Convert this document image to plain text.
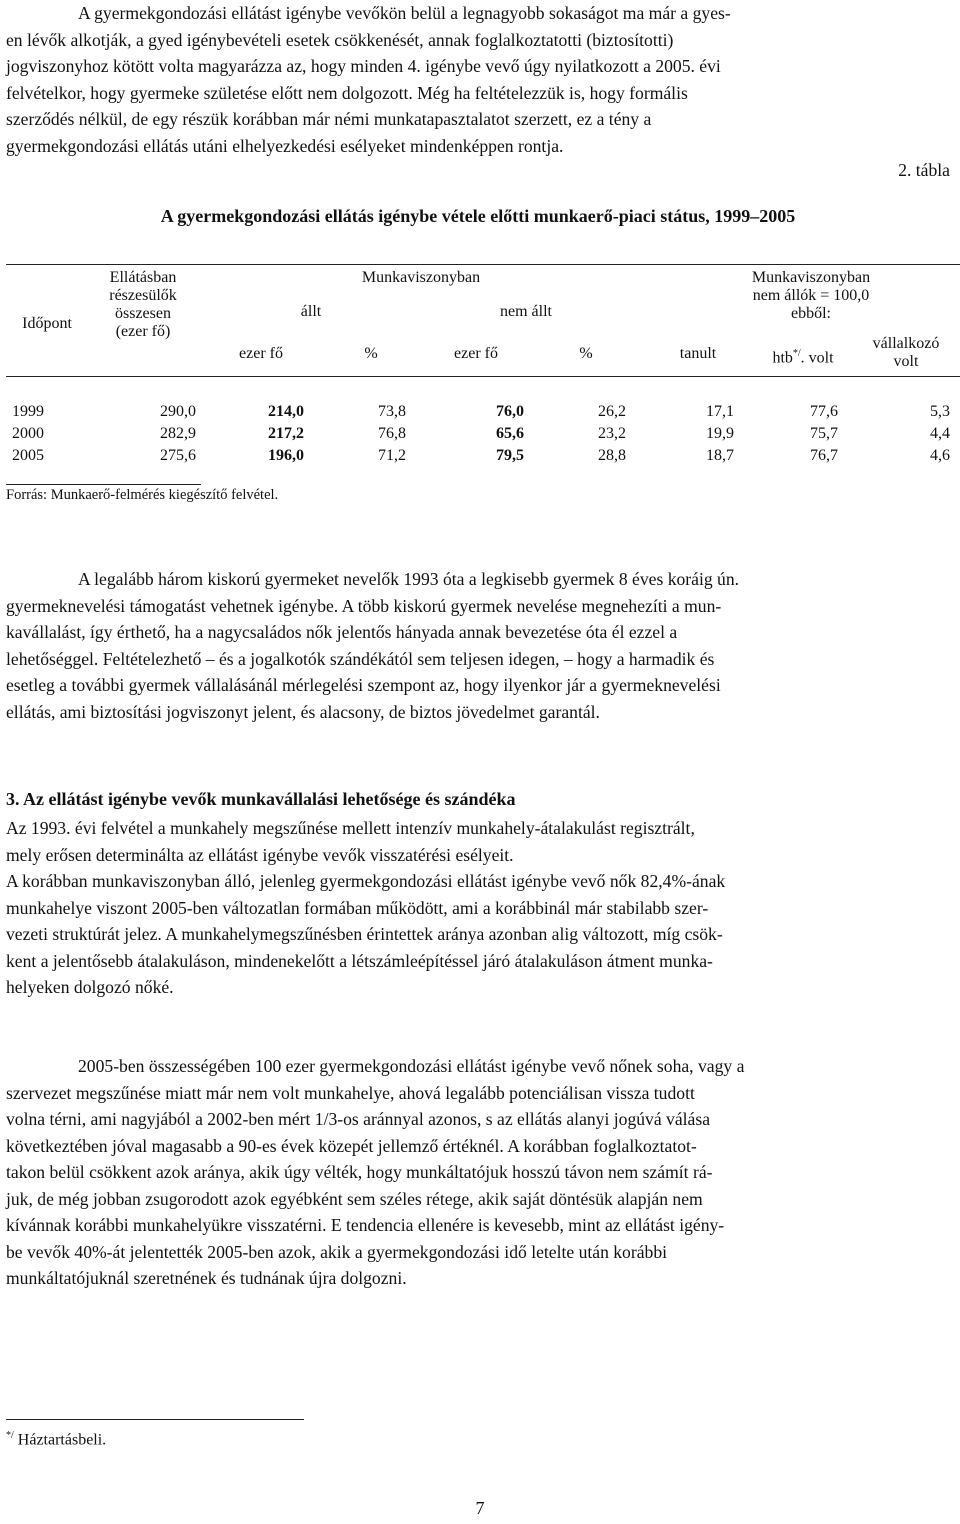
A gyermekgondozási ellátást igénybe vevőkön belül a legnagyobb sokaságot ma már a gyes-

en lévők alkotják, a gyed igénybevételi esetek csökkenését, annak foglalkoztatotti (biztosítotti)

jogviszonyhoz kötött volta magyarázza az, hogy minden 4. igénybe vevő úgy nyilatkozott a 2005. évi

felvételkor, hogy gyermeke születése előtt nem dolgozott. Még ha feltételezzük is, hogy formális

szerződés nélkül, de egy részük korábban már némi munkatapasztalatot szerzett, ez a tény a

gyermekgondozási ellátás utáni elhelyezkedési esélyeket mindenképpen rontja.

2. tábla
A gyermekgondozási ellátás igénybe vétele előtti munkaerő-piaci státus, 1999–2005
Időpont
Ellátásban
részesülők
összesen
(ezer fő)
Munkaviszonyban
állt	nem állt
Munkaviszonyban
nem állók = 100,0
ebből:
ezer fő	%	ezer fő	%	tanult	htb*/. volt
vállalkozó
volt
1999	290,0	214,0	73,8	76,0	26,2	17,1	77,6	5,3
2000	282,9	217,2	76,8	65,6	23,2	19,9	75,7	4,4
2005	275,6	196,0	71,2	79,5	28,8	18,7	76,7	4,6
Forrás: Munkaerő-felmérés kiegészítő felvétel.

A legalább három kiskorú gyermeket nevelők 1993 óta a legkisebb gyermek 8 éves koráig ún.

gyermeknevelési támogatást vehetnek igénybe. A több kiskorú gyermek nevelése megnehezíti a mun-

kavállalást, így érthető, ha a nagycsaládos nők jelentős hányada annak bevezetése óta él ezzel a

lehetőséggel. Feltételezhető – és a jogalkotók szándékától sem teljesen idegen, – hogy a harmadik és

esetleg a további gyermek vállalásánál mérlegelési szempont az, hogy ilyenkor jár a gyermeknevelési

ellátás, ami biztosítási jogviszonyt jelent, és alacsony, de biztos jövedelmet garantál.

3. Az ellátást igénybe vevők munkavállalási lehetősége és szándéka

Az 1993. évi felvétel a munkahely megszűnése mellett intenzív munkahely-átalakulást regisztrált,

mely erősen determinálta az ellátást igénybe vevők visszatérési esélyeit.

A korábban munkaviszonyban álló, jelenleg gyermekgondozási ellátást igénybe vevő nők 82,4%-ának

munkahelye viszont 2005-ben változatlan formában működött, ami a korábbinál már stabilabb szer-

vezeti struktúrát jelez. A munkahelymegszűnésben érintettek aránya azonban alig változott, míg csök-

kent a jelentősebb átalakuláson, mindenekelőtt a létszámleépítéssel járó átalakuláson átment munka-

helyeken dolgozó nőké.

2005-ben összességében 100 ezer gyermekgondozási ellátást igénybe vevő nőnek soha, vagy a

szervezet megszűnése miatt már nem volt munkahelye, ahová legalább potenciálisan vissza tudott

volna térni, ami nagyjából a 2002-ben mért 1/3-os aránnyal azonos, s az ellátás alanyi jogúvá válása

következtében jóval magasabb a 90-es évek közepét jellemző értéknél. A korábban foglalkoztatot-

takon belül csökkent azok aránya, akik úgy vélték, hogy munkáltatójuk hosszú távon nem számít rá-

juk, de még jobban zsugorodott azok egyébként sem széles rétege, akik saját döntésük alapján nem

kívánnak korábbi munkahelyükre visszatérni. E tendencia ellenére is kevesebb, mint az ellátást igény-

be vevők 40%-át jelentették 2005-ben azok, akik a gyermekgondozási idő letelte után korábbi

munkáltatójuknál szeretnének és tudnának újra dolgozni.

*/ Háztartásbeli.
7
